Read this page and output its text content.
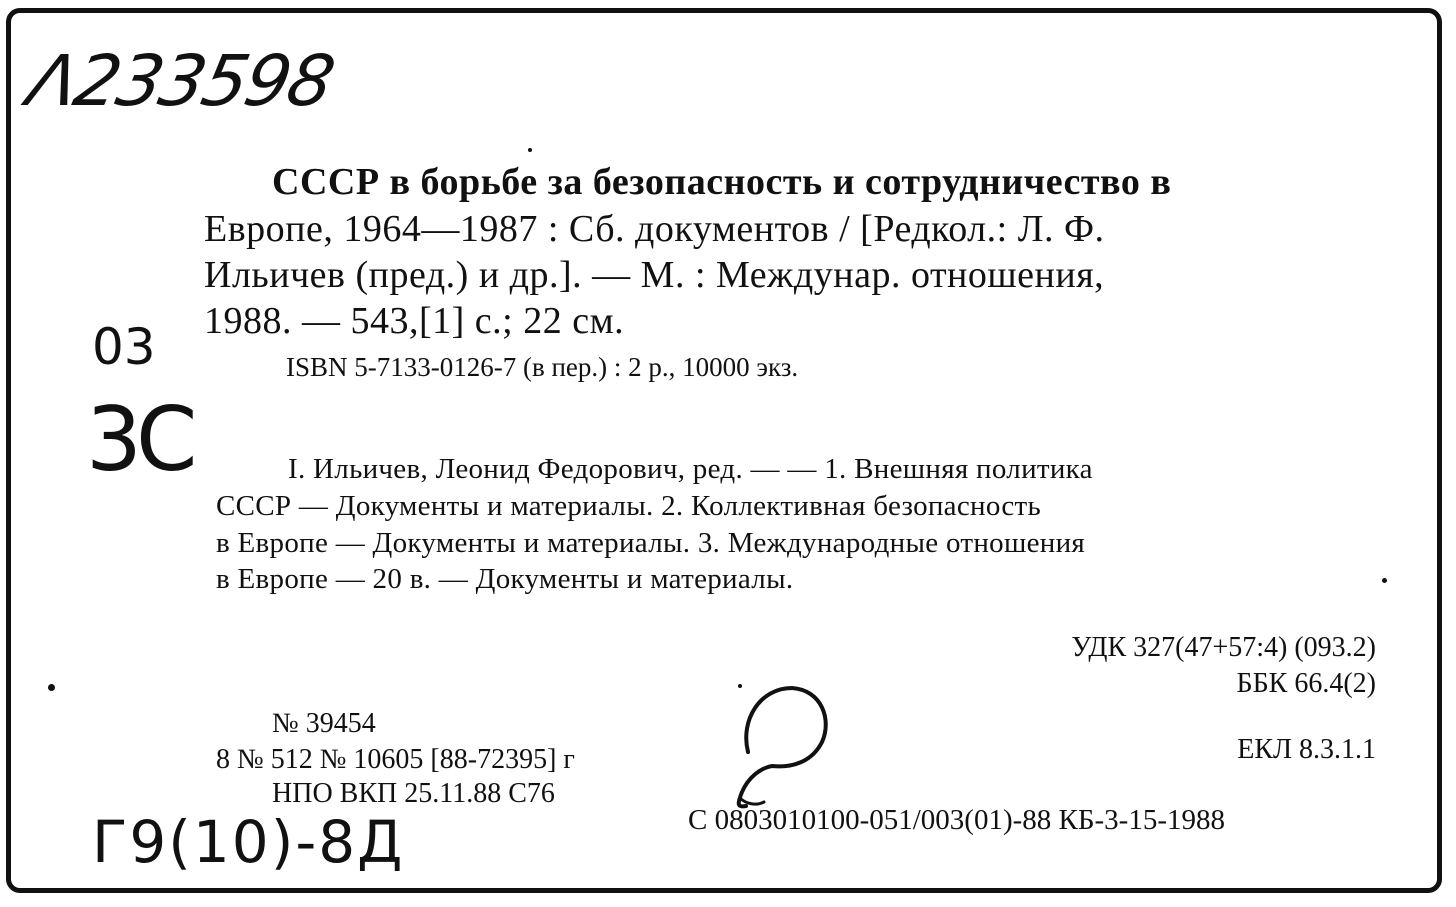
Λ233598
03
3C
Г9(10)-8Д
СССР в борьбе за безопасность и сотрудничество в
Европе, 1964—1987 : Сб. документов / [Редкол.: Л. Ф.
Ильичев (пред.) и др.]. — М. : Междунар. отношения,
1988. — 543,[1] с.; 22 см.
ISBN 5-7133-0126-7 (в пер.) : 2 р., 10000 экз.
I. Ильичев, Леонид Федорович, ред. — — 1. Внешняя политика
СССР — Документы и материалы. 2. Коллективная безопасность
в Европе — Документы и материалы. 3. Международные отношения
в Европе — 20 в. — Документы и материалы.
УДК 327(47+57:4) (093.2)
ББК 66.4(2)
ЕКЛ 8.3.1.1
№ 39454
8 № 512 № 10605 [88-72395] г
НПО ВКП 25.11.88 С76
С 0803010100-051/003(01)-88 КБ-3-15-1988
